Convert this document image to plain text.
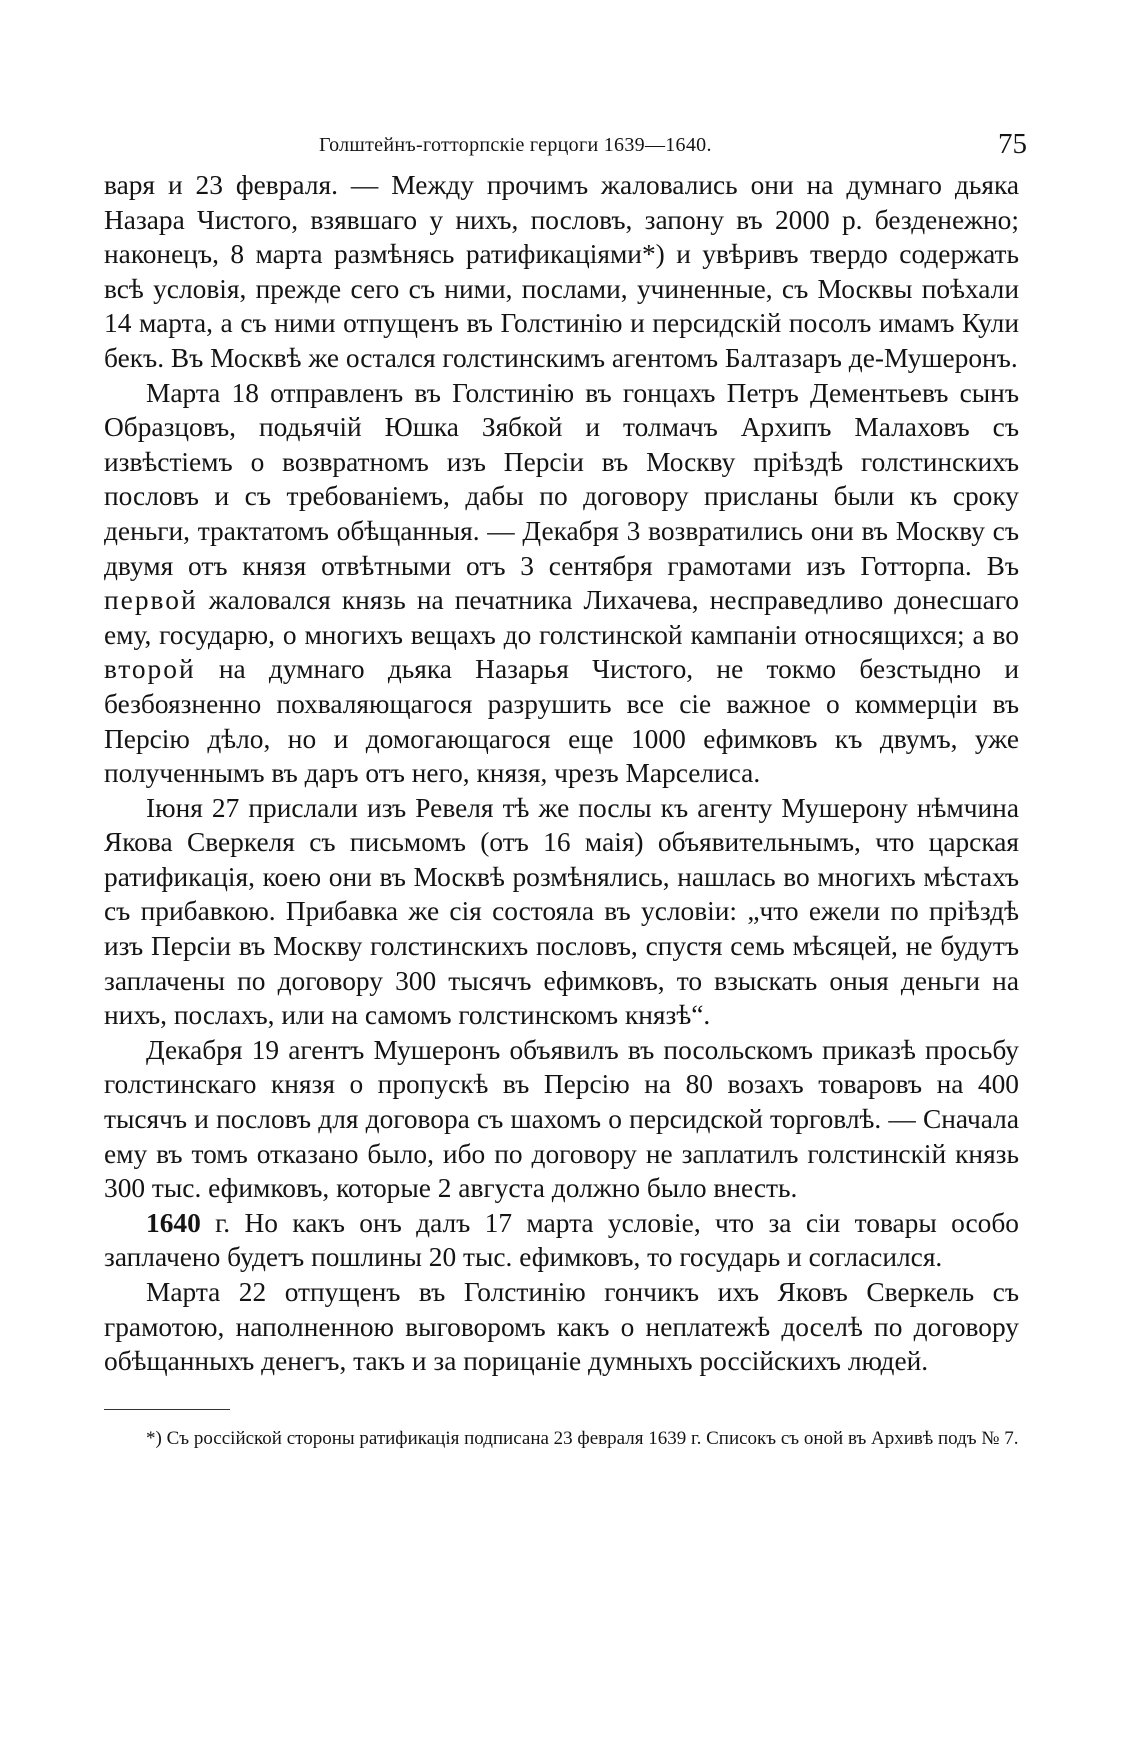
Голштейнъ-готторпскіе герцоги 1639—1640.	75

варя и 23 февраля. — Между прочимъ жаловались они на думнаго дьяка Назара Чистого, взявшаго у нихъ, пословъ, запону въ 2000 р. безденежно; наконецъ, 8 марта размѣнясь ратификаціями*) и увѣривъ твердо содержать всѣ условія, прежде сего съ ними, послами, учиненные, съ Москвы поѣхали 14 марта, а съ ними отпущенъ въ Голстинію и персидскій посолъ имамъ Кули бекъ. Въ Москвѣ же остался голстинскимъ агентомъ Балтазаръ де-Мушеронъ.

Марта 18 отправленъ въ Голстинію въ гонцахъ Петръ Дементьевъ сынъ Образцовъ, подьячій Юшка Зябкой и толмачъ Архипъ Малаховъ съ извѣстіемъ о возвратномъ изъ Персіи въ Москву пріѣздѣ голстинскихъ пословъ и съ требованіемъ, дабы по договору присланы были къ сроку деньги, трактатомъ обѣщанныя. — Декабря 3 возвратились они въ Москву съ двумя отъ князя отвѣтными отъ 3 сентября грамотами изъ Готторпа. Въ первой жаловался князь на печатника Лихачева, несправедливо донесшаго ему, государю, о многихъ вещахъ до голстинской кампаніи относящихся; а во второй на думнаго дьяка Назарья Чистого, не токмо безстыдно и безбоязненно похваляющагося разрушить все сіе важное о коммерціи въ Персію дѣло, но и домогающагося еще 1000 ефимковъ къ двумъ, уже полученнымъ въ даръ отъ него, князя, чрезъ Марселиса.

Іюня 27 прислали изъ Ревеля тѣ же послы къ агенту Мушерону нѣмчина Якова Сверкеля съ письмомъ (отъ 16 маія) объявительнымъ, что царская ратификація, коею они въ Москвѣ розмѣнялись, нашлась во многихъ мѣстахъ съ прибавкою. Прибавка же сія состояла въ условіи: „что ежели по пріѣздѣ изъ Персіи въ Москву голстинскихъ пословъ, спустя семь мѣсяцей, не будутъ заплачены по договору 300 тысячъ ефимковъ, то взыскать оныя деньги на нихъ, послахъ, или на самомъ голстинскомъ князѣ“.

Декабря 19 агентъ Мушеронъ объявилъ въ посольскомъ приказѣ просьбу голстинскаго князя о пропускѣ въ Персію на 80 возахъ товаровъ на 400 тысячъ и пословъ для договора съ шахомъ о персидской торговлѣ. — Сначала ему въ томъ отказано было, ибо по договору не заплатилъ голстинскій князь 300 тыс. ефимковъ, которые 2 августа должно было внесть.

1640 г. Но какъ онъ далъ 17 марта условіе, что за сіи товары особо заплачено будетъ пошлины 20 тыс. ефимковъ, то государь и согласился.

Марта 22 отпущенъ въ Голстинію гончикъ ихъ Яковъ Сверкель съ грамотою, наполненною выговоромъ какъ о неплатежѣ доселѣ по договору обѣщанныхъ денегъ, такъ и за порицаніе думныхъ россійскихъ людей.

*) Съ россійской стороны ратификація подписана 23 февраля 1639 г. Списокъ съ оной въ Архивѣ подъ № 7.
